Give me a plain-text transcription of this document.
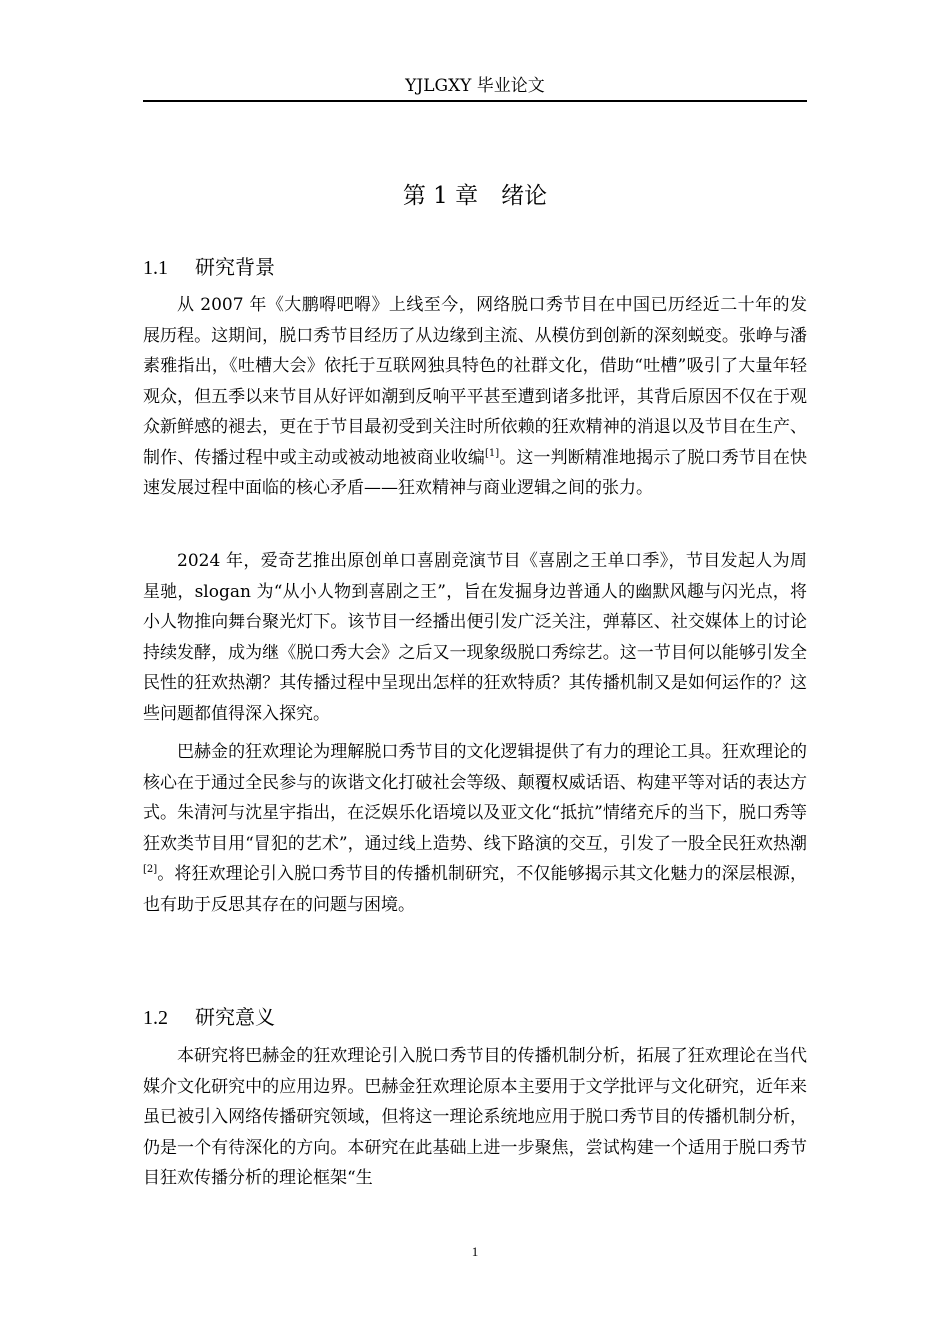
YJLGXY 毕业论文
第 1 章　绪论
1.1 研究背景

从 2007 年《大鹏嘚吧嘚》上线至今，网络脱口秀节目在中国已历经近二十年的发展历程。这期间，脱口秀节目经历了从边缘到主流、从模仿到创新的深刻蜕变。张峥与潘素雅指出，《吐槽大会》依托于互联网独具特色的社群文化，借助“吐槽”吸引了大量年轻观众，但五季以来节目从好评如潮到反响平平甚至遭到诸多批评，其背后原因不仅在于观众新鲜感的褪去，更在于节目最初受到关注时所依赖的狂欢精神的消退以及节目在生产、制作、传播过程中或主动或被动地被商业收编[1]。这一判断精准地揭示了脱口秀节目在快速发展过程中面临的核心矛盾——狂欢精神与商业逻辑之间的张力。

2024 年，爱奇艺推出原创单口喜剧竞演节目《喜剧之王单口季》，节目发起人为周星驰，slogan 为“从小人物到喜剧之王”，旨在发掘身边普通人的幽默风趣与闪光点，将小人物推向舞台聚光灯下。该节目一经播出便引发广泛关注，弹幕区、社交媒体上的讨论持续发酵，成为继《脱口秀大会》之后又一现象级脱口秀综艺。这一节目何以能够引发全民性的狂欢热潮？其传播过程中呈现出怎样的狂欢特质？其传播机制又是如何运作的？这些问题都值得深入探究。

巴赫金的狂欢理论为理解脱口秀节目的文化逻辑提供了有力的理论工具。狂欢理论的核心在于通过全民参与的诙谐文化打破社会等级、颠覆权威话语、构建平等对话的表达方式。朱清河与沈星宇指出，在泛娱乐化语境以及亚文化“抵抗”情绪充斥的当下，脱口秀等狂欢类节目用“冒犯的艺术”，通过线上造势、线下路演的交互，引发了一股全民狂欢热潮[2]。将狂欢理论引入脱口秀节目的传播机制研究，不仅能够揭示其文化魅力的深层根源，也有助于反思其存在的问题与困境。

1.2 研究意义

本研究将巴赫金的狂欢理论引入脱口秀节目的传播机制分析，拓展了狂欢理论在当代媒介文化研究中的应用边界。巴赫金狂欢理论原本主要用于文学批评与文化研究，近年来虽已被引入网络传播研究领域，但将这一理论系统地应用于脱口秀节目的传播机制分析，仍是一个有待深化的方向。本研究在此基础上进一步聚焦，尝试构建一个适用于脱口秀节目狂欢传播分析的理论框架“生

1
